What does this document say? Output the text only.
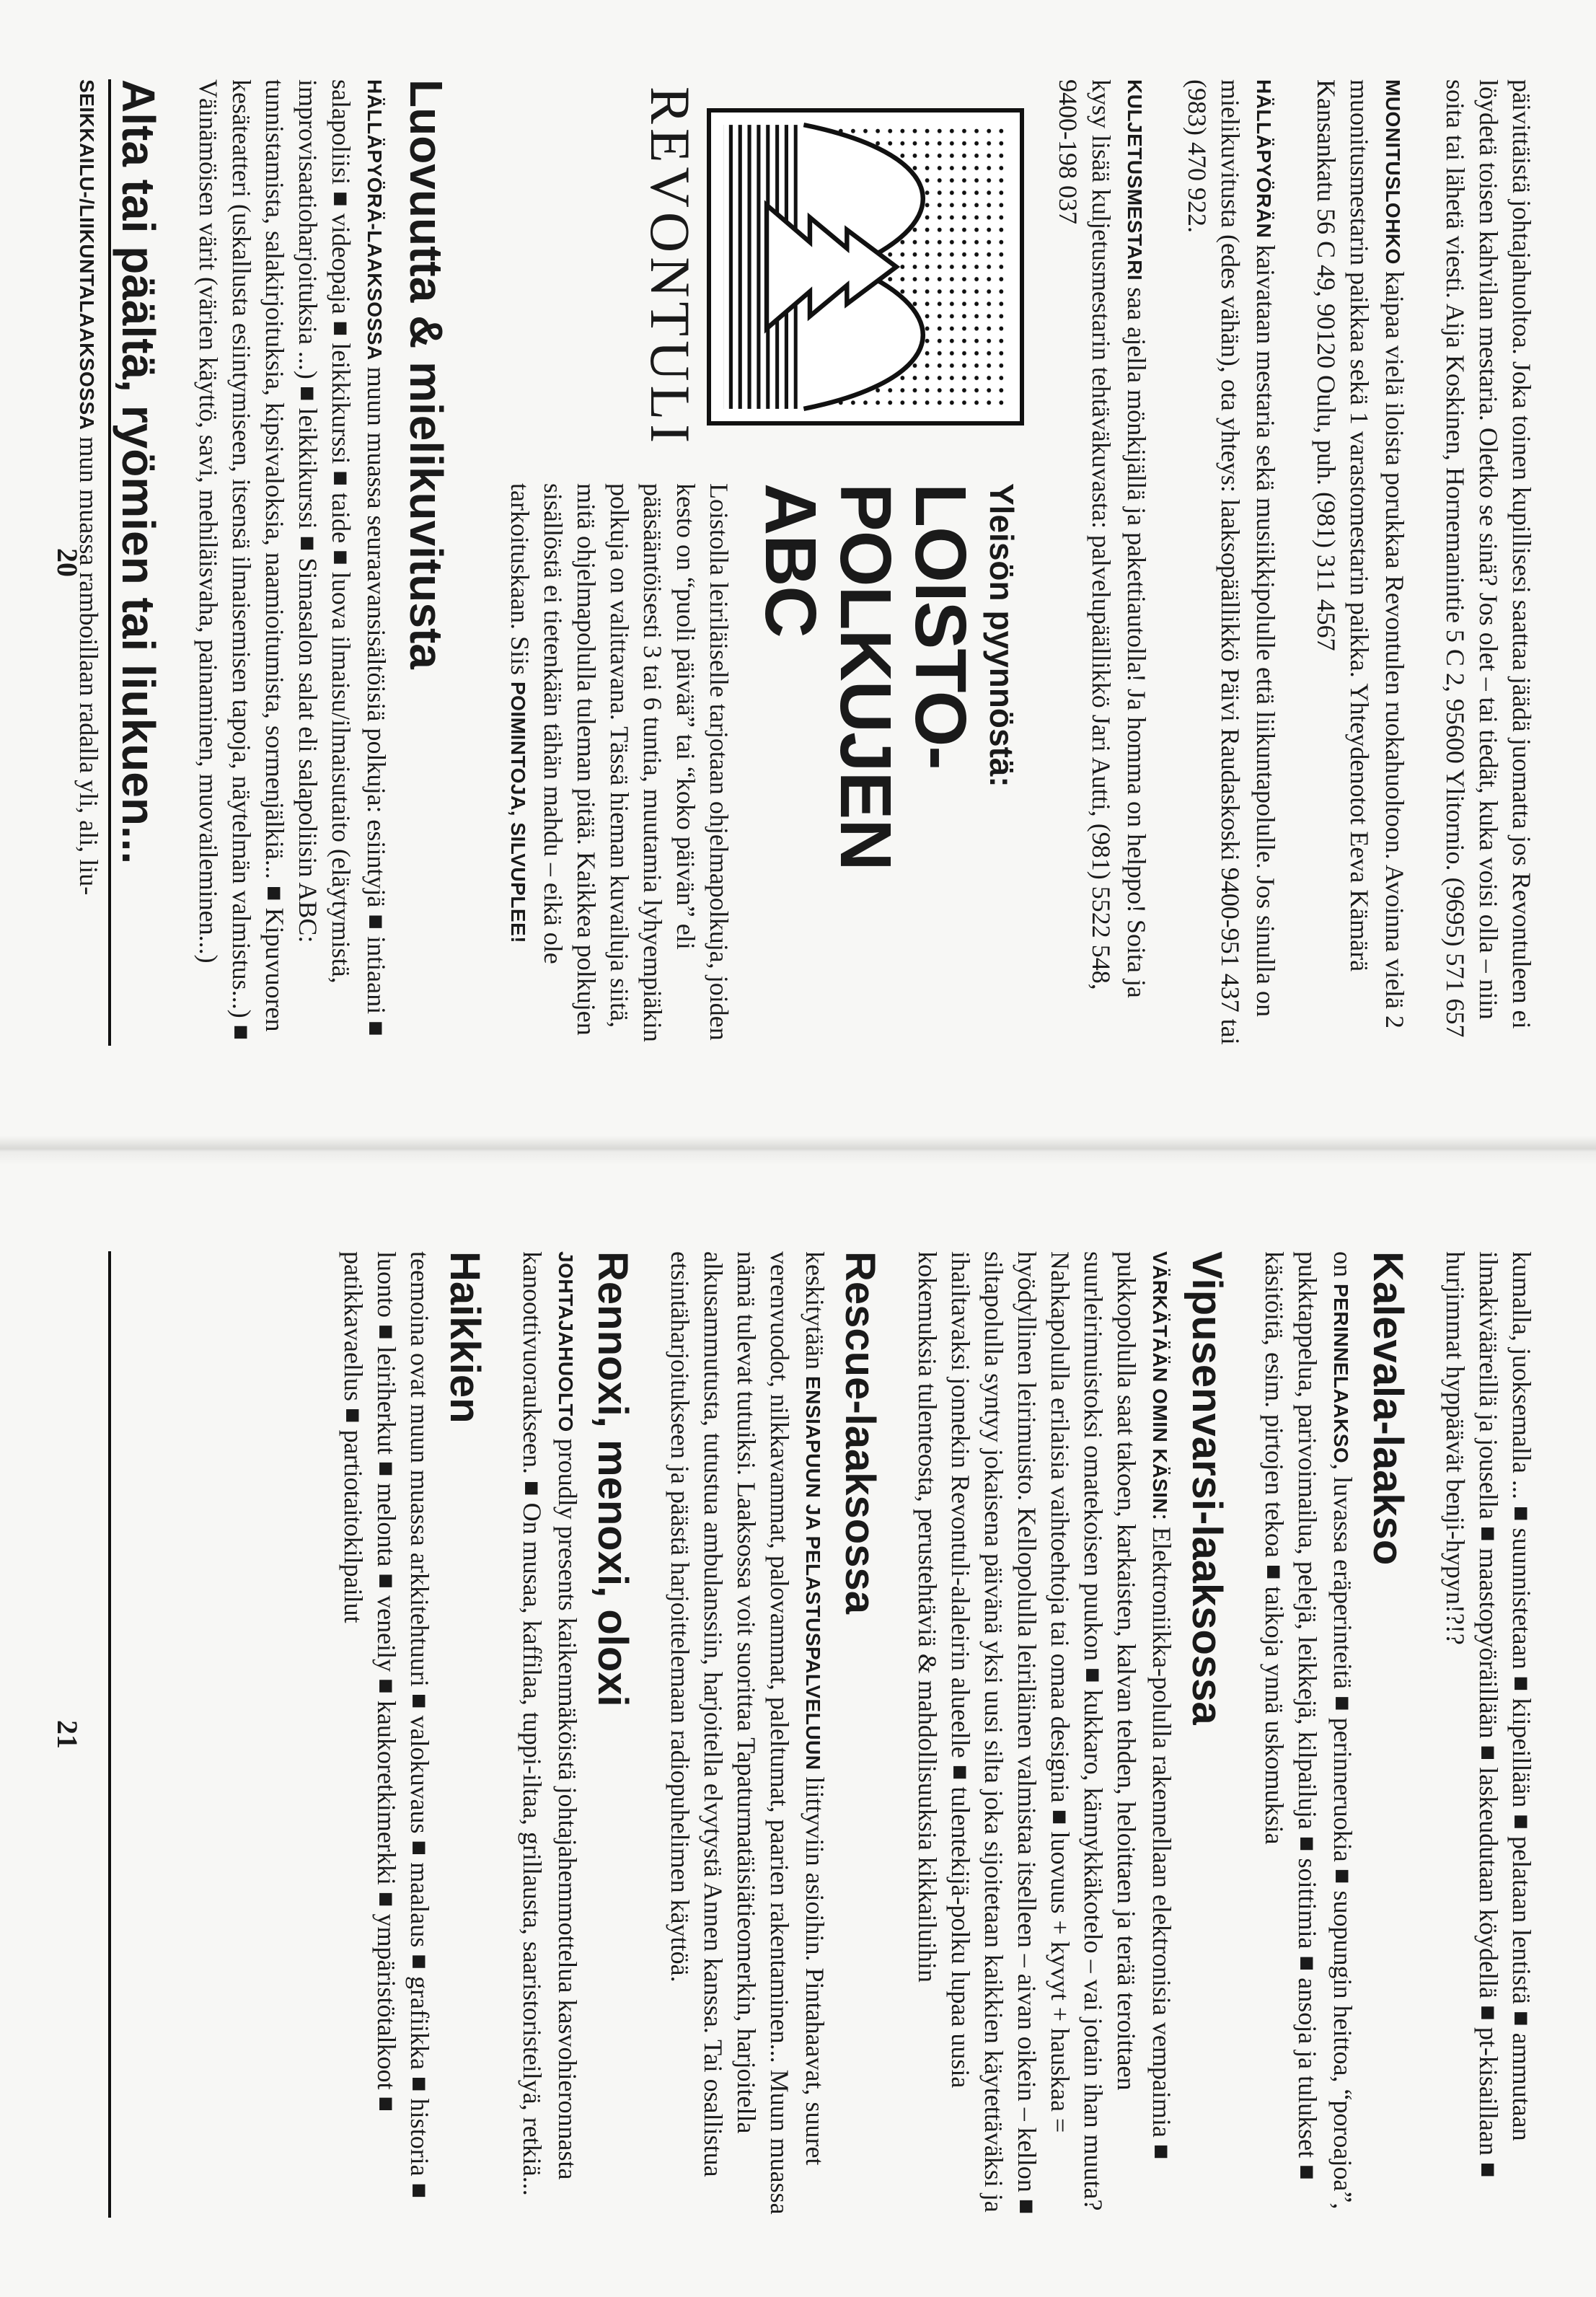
päivittäistä johtajahuoltoa. Joka toinen kupillisesi saattaa jäädä juomatta jos Revontuleen ei löydetä toisen kahvilan mestaria. Oletko se sinä? Jos olet – tai tiedät, kuka voisi olla – niin soita tai lähetä viesti. Aija Koskinen, Hornemanintie 5 C 2, 95600 Ylitornio. (9695) 571 657

MUONITUSLOHKO kaipaa vielä iloista porukkaa Revontulen ruokahuoltoon. Avoinna vielä 2 muonitusmestarin paikkaa sekä 1 varastomestarin paikka. Yhteydenotot Eeva Kämärä Kansankatu 56 C 49, 90120 Oulu, puh. (981) 311 4567

HÄLLÄPYÖRÄN kaivataan mestaria sekä musiikkipolulle että liikuntapolulle. Jos sinulla on mielikuvitusta (edes vähän), ota yhteys: laaksopäällikkö Päivi Raudaskoski 9400-951 437 tai (983) 470 922.

KULJETUSMESTARI saa ajella mönkijällä ja pakettiautolla! Ja homma on helppo! Soita ja kysy lisää kuljetusmestarin tehtäväkuvasta: palvelupäällikkö Jari Autti, (981) 5522 548, 9400-198 037

REVONTULI
Yleisön pyynnöstä:
LOISTO-POLKUJEN
ABC

Loistolla leiriläiselle tarjotaan ohjelmapolkuja, joiden kesto on “puoli päivää” tai “koko päivän” eli pääsääntöisesti 3 tai 6 tuntia, muutamia lyhyempiäkin polkuja on valittavana. Tässä hieman kuvailuja siitä, mitä ohjelmapolulla tuleman pitää. Kaikkea polkujen sisällöstä ei tietenkään tähän mahdu – eikä ole tarkoituskaan. Siis POIMINTOJA, SILVUPLEE!

Luovuutta & mielikuvitusta

HÄLLÄPYÖRÄ-LAAKSOSSA muun muassa seuraavansisältöisiä polkuja: esiintyjä ■ intiaani ■ salapoliisi ■ videopaja ■ leikkikurssi ■ taide ■ luova ilmaisu/ilmaisutaito (eläytymistä, improvisaatioharjoituksia ...) ■ leikkikurssi ■ Simasalon salat eli salapoliisin ABC: tunnistamista, salakirjoituksia, kipsivaloksia, naamioitumista, sormenjälkiä... ■ Kipuvuoren kesäteatteri (uskallusta esiintymiseen, itsensä ilmaisemisen tapoja, näytelmän valmistus...) ■ Väinämöisen värit (värien käyttö, savi, mehiläisvaha, painaminen, muovaileminen...)

Alta tai päältä, ryömien tai liukuen...

SEIKKAILU-/LIIKUNTALAAKSOSSA mun muassa ramboillaan radalla yli, ali, liu-

20

kumalla, juoksemalla ... ■ suunnistetaan ■ kiipeillään ■ pelataan lentistä ■ ammutaan ilmakivääreillä ja jousella ■ maastopyöräillään ■ laskeudutaan köydellä ■ pt-kisaillaan ■ hurjimmat hyppäävät benji-hypyn!?!?

Kalevala-laakso

on PERINNELAAKSO, luvassa eräperinteitä ■ perinneruokia ■ suopungin heittoa, “poroajoa”, pukktappelua, parivoimailua, pelejä, leikkejä, kilpailuja ■ soittimia ■ ansoja ja tulukset ■ käsitöitä, esim. pirtojen tekoa ■ taikoja ynnä uskomuksia

Vipusenvarsi-laaksossa

VÄRKÄTÄÄN OMIN KÄSIN: Elektroniikka-polulla rakennellaan elektronisia vempaimia ■ pukkopolulla saat takoen, karkaisten, kalvan tehden, heloittaen ja terää teroittaen suurleirimuistoksi omatekoisen puukon ■ kukkaro, kännykkäkotelo – vai jotain ihan muuta? Nahkapolulla erilaisia vaihtoehtoja tai omaa designia ■ luovuus + kyvyt + hauskaa = hyödyllinen leirimuisto. Kellopolulla leiriläinen valmistaa itselleen – aivan oikein – kellon ■ siltapolulla syntyy jokaisena päivänä yksi uusi silta joka sijoitetaan kaikkien käytettäväksi ja ihailtavaksi jonnekin Revontuli-alaleirin alueelle ■ tulentekijä-polku lupaa uusia kokemuksia tulenteosta, perustehtäviä & mahdollisuuksia kikkailuihin

Rescue-laaksossa

keskitytään ENSIAPUUN JA PELASTUSPALVELUUN liittyviin asioihin. Pintahaavat, suuret verenvuodot, nilkkavammat, palovammat, paleltumat, paarien rakentaminen... Muun muassa nämä tulevat tutuiksi. Laaksossa voit suorittaa Tapaturmatäisiätieomerkin, harjoitella alkusammutusta, tutustua ambulanssiin, harjoitella elvytystä Annen kanssa. Tai osallistua etsintäharjoitukseen ja päästä harjoittelemaan radiopuhelimen käyttöä.

Rennoxi, menoxi, oloxi

JOHTAJAHUOLTO proudly presents kaikenmäköistä johtajahemmottelua kasvohieronnasta kanoottivuoraukseen. ■ On musaa, kaffilaa, tuppi-iltaa, grillausta, saaristoristeilyä, retkiä...

Haikkien

teemoina ovat muun muassa arkkitehtuuri ■ valokuvaus ■ maalaus ■ grafiikka ■ historia ■ luonto ■ leiriherkut ■ melonta ■ veneily ■ kaukoretkimerkki ■ ympäristötalkoot ■ patikkavaellus ■ partiotaitokilpailut

21
